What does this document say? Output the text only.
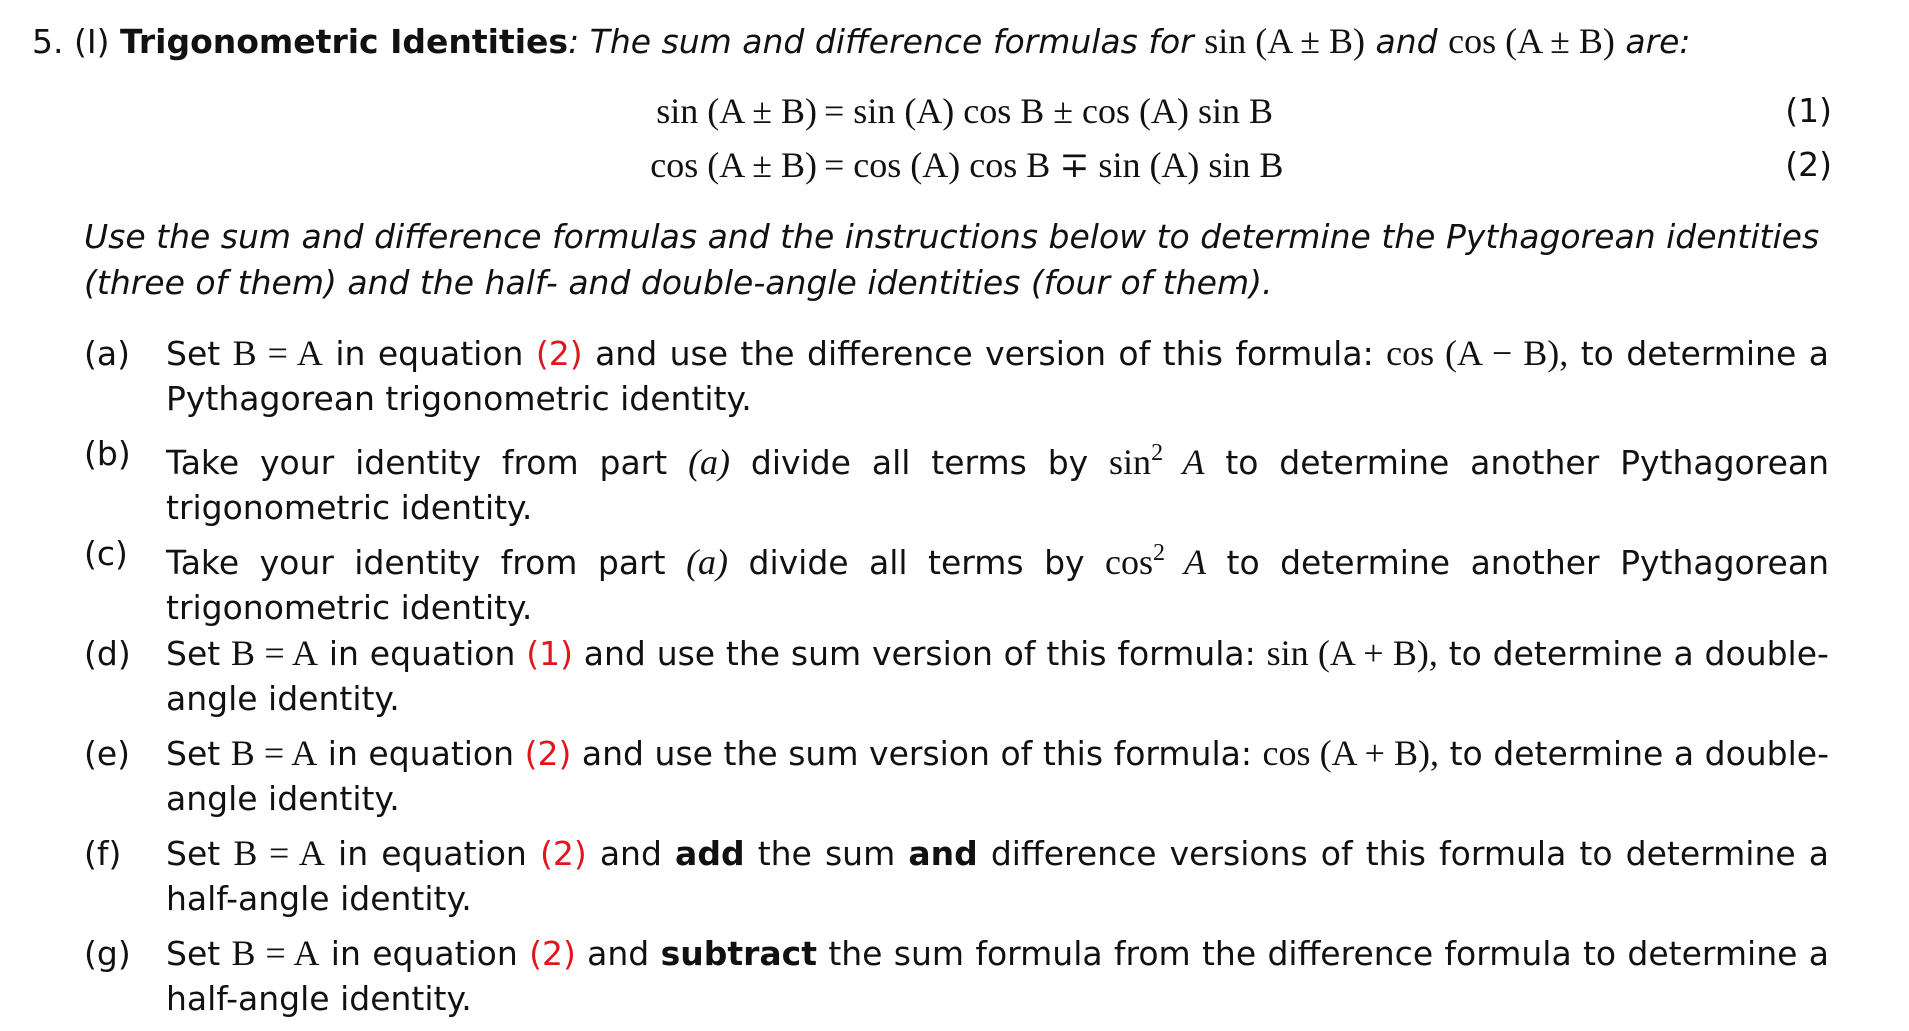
5. (I) Trigonometric Identities: The sum and difference formulas for sin (A ± B) and cos (A ± B) are:
sin (A ± B) = sin (A) cos B ± cos (A) sin B	(1)
cos (A ± B) = cos (A) cos B ∓ sin (A) sin B	(2)
Use the sum and difference formulas and the instructions below to determine the Pythagorean identities (three of them) and the half- and double-angle identities (four of them).
(a)	Set B = A in equation (2) and use the difference version of this formula: cos (A − B), to determine a Pythagorean trigonometric identity.
(b)	Take your identity from part (a) divide all terms by $\sin^2 A$ to determine another Pythagorean trigonometric identity.
(c)	Take your identity from part (a) divide all terms by $\cos^2 A$ to determine another Pythagorean trigonometric identity.
(d)	Set B = A in equation (1) and use the sum version of this formula: sin (A + B), to determine a double-angle identity.
(e)	Set B = A in equation (2) and use the sum version of this formula: cos (A + B), to determine a double-angle identity.
(f)	Set B = A in equation (2) and add the sum and difference versions of this formula to determine a half-angle identity.
(g)	Set B = A in equation (2) and subtract the sum formula from the difference formula to determine a half-angle identity.
